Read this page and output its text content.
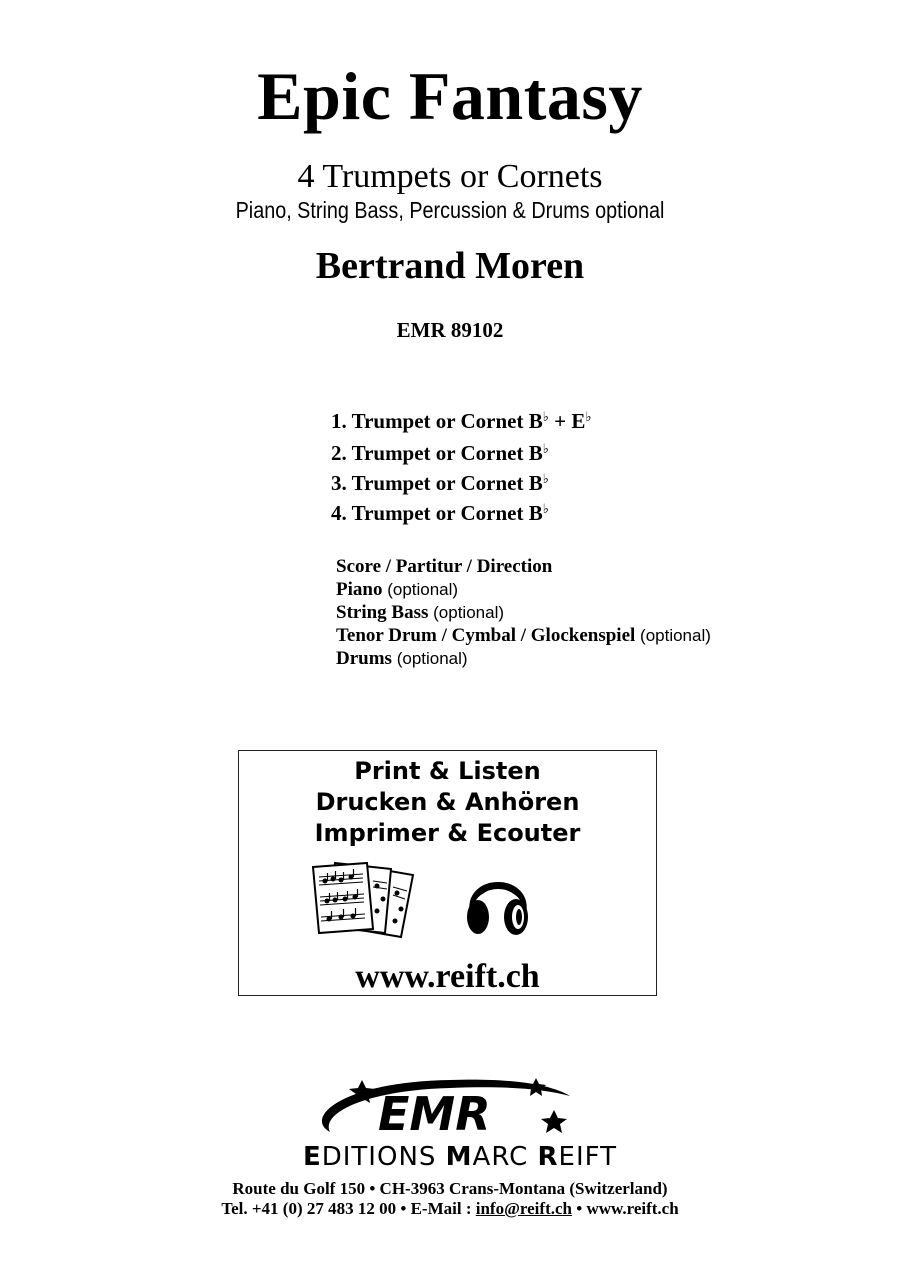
Epic Fantasy
4 Trumpets or Cornets
Piano, String Bass, Percussion & Drums optional
Bertrand Moren
EMR 89102
1. Trumpet or Cornet B♭ + E♭
2. Trumpet or Cornet B♭
3. Trumpet or Cornet B♭
4. Trumpet or Cornet B♭
Score / Partitur / Direction
Piano (optional)
String Bass (optional)
Tenor Drum / Cymbal / Glockenspiel (optional)
Drums (optional)
Print & Listen
Drucken & Anhören
Imprimer & Ecouter
www.reift.ch
EMR
EDITIONS MARC REIFT
Route du Golf 150 • CH-3963 Crans-Montana (Switzerland)
Tel. +41 (0) 27 483 12 00 • E-Mail : info@reift.ch • www.reift.ch
